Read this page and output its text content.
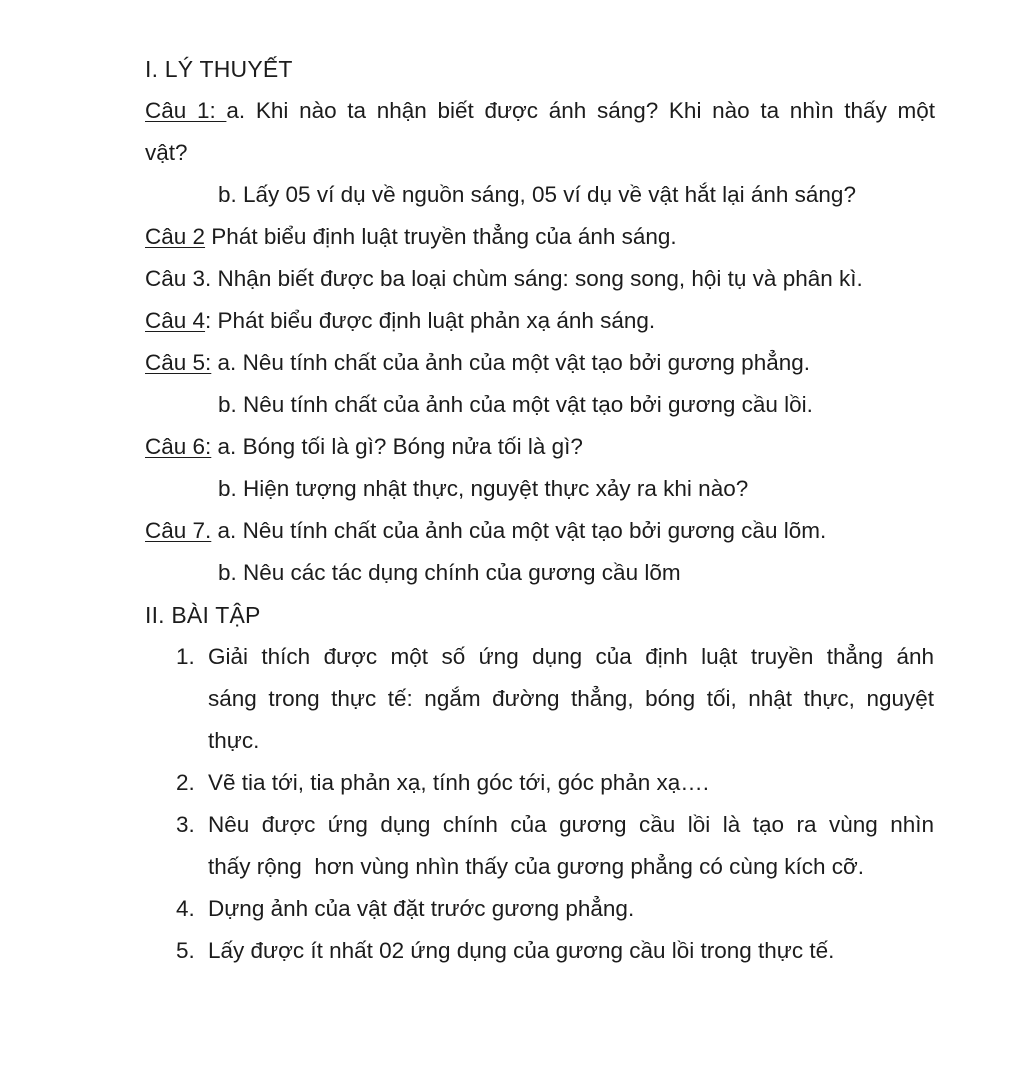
I. LÝ THUYẾT
Câu 1: a. Khi nào ta nhận biết được ánh sáng? Khi nào ta nhìn thấy một
vật?
b. Lấy 05 ví dụ về nguồn sáng, 05 ví dụ về vật hắt lại ánh sáng?
Câu 2 Phát biểu định luật truyền thẳng của ánh sáng.
Câu 3. Nhận biết được ba loại chùm sáng: song song, hội tụ và phân kì.
Câu 4: Phát biểu được định luật phản xạ ánh sáng.
Câu 5: a. Nêu tính chất của ảnh của một vật tạo bởi gương phẳng.
b. Nêu tính chất của ảnh của một vật tạo bởi gương cầu lồi.
Câu 6: a. Bóng tối là gì? Bóng nửa tối là gì?
b. Hiện tượng nhật thực, nguyệt thực xảy ra khi nào?
Câu 7. a. Nêu tính chất của ảnh của một vật tạo bởi gương cầu lõm.
b. Nêu các tác dụng chính của gương cầu lõm
II. BÀI TẬP
1. Giải thích được một số ứng dụng của định luật truyền thẳng ánh
sáng trong thực tế: ngắm đường thẳng, bóng tối, nhật thực, nguyệt
thực.
2. Vẽ tia tới, tia phản xạ, tính góc tới, góc phản xạ….
3. Nêu được ứng dụng chính của gương cầu lồi là tạo ra vùng nhìn
thấy rộng  hơn vùng nhìn thấy của gương phẳng có cùng kích cỡ.
4. Dựng ảnh của vật đặt trước gương phẳng.
5. Lấy được ít nhất 02 ứng dụng của gương cầu lồi trong thực tế.
